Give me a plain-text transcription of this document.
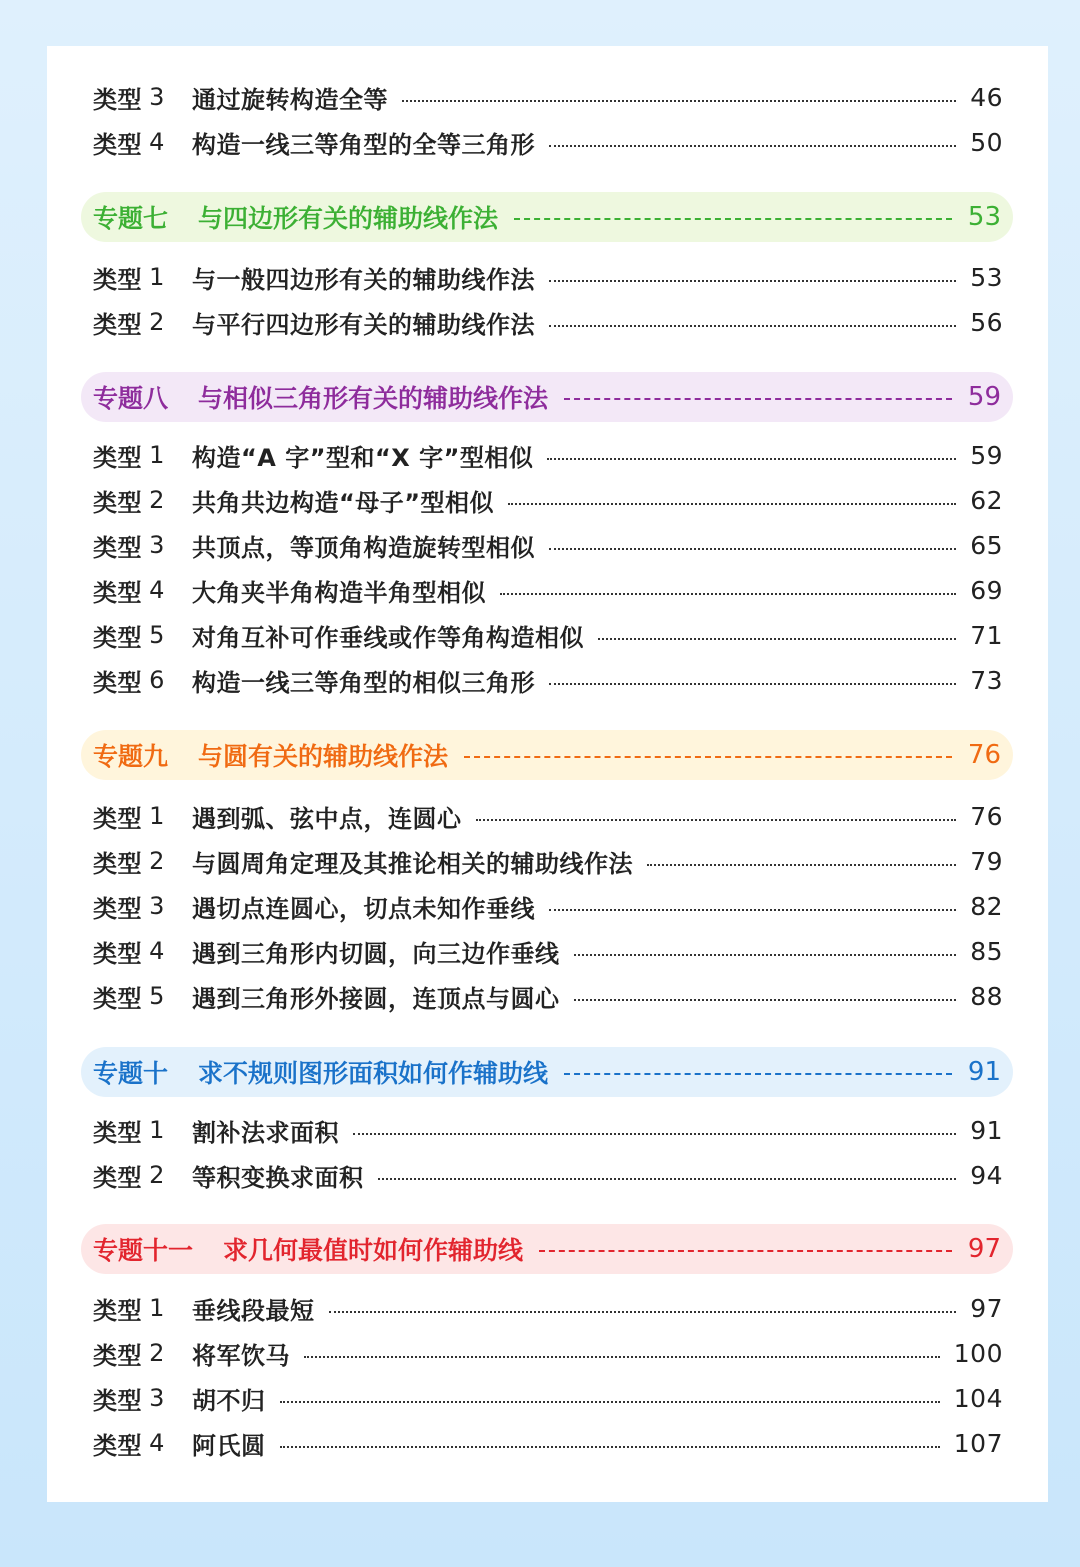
类型 3 通过旋转构造全等	46
类型 4 构造一线三等角型的全等三角形	50
专题七 与四边形有关的辅助线作法	53
类型 1 与一般四边形有关的辅助线作法	53
类型 2 与平行四边形有关的辅助线作法	56
专题八 与相似三角形有关的辅助线作法	59
类型 1 构造“A 字”型和“X 字”型相似	59
类型 2 共角共边构造“母子”型相似	62
类型 3 共顶点，等顶角构造旋转型相似	65
类型 4 大角夹半角构造半角型相似	69
类型 5 对角互补可作垂线或作等角构造相似	71
类型 6 构造一线三等角型的相似三角形	73
专题九 与圆有关的辅助线作法	76
类型 1 遇到弧、弦中点，连圆心	76
类型 2 与圆周角定理及其推论相关的辅助线作法	79
类型 3 遇切点连圆心，切点未知作垂线	82
类型 4 遇到三角形内切圆，向三边作垂线	85
类型 5 遇到三角形外接圆，连顶点与圆心	88
专题十 求不规则图形面积如何作辅助线	91
类型 1 割补法求面积	91
类型 2 等积变换求面积	94
专题十一 求几何最值时如何作辅助线	97
类型 1 垂线段最短	97
类型 2 将军饮马	100
类型 3 胡不归	104
类型 4 阿氏圆	107
